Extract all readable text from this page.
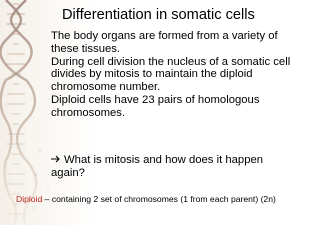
Differentiation in somatic cells

The body organs are formed from a variety of these tissues.

During cell division the nucleus of a somatic cell divides by mitosis to maintain the diploid chromosome number.

Diploid cells have 23 pairs of homologous chromosomes.

What is mitosis and how does it happen again?
Diploid – containing 2 set of chromosomes (1 from each parent) (2n)
